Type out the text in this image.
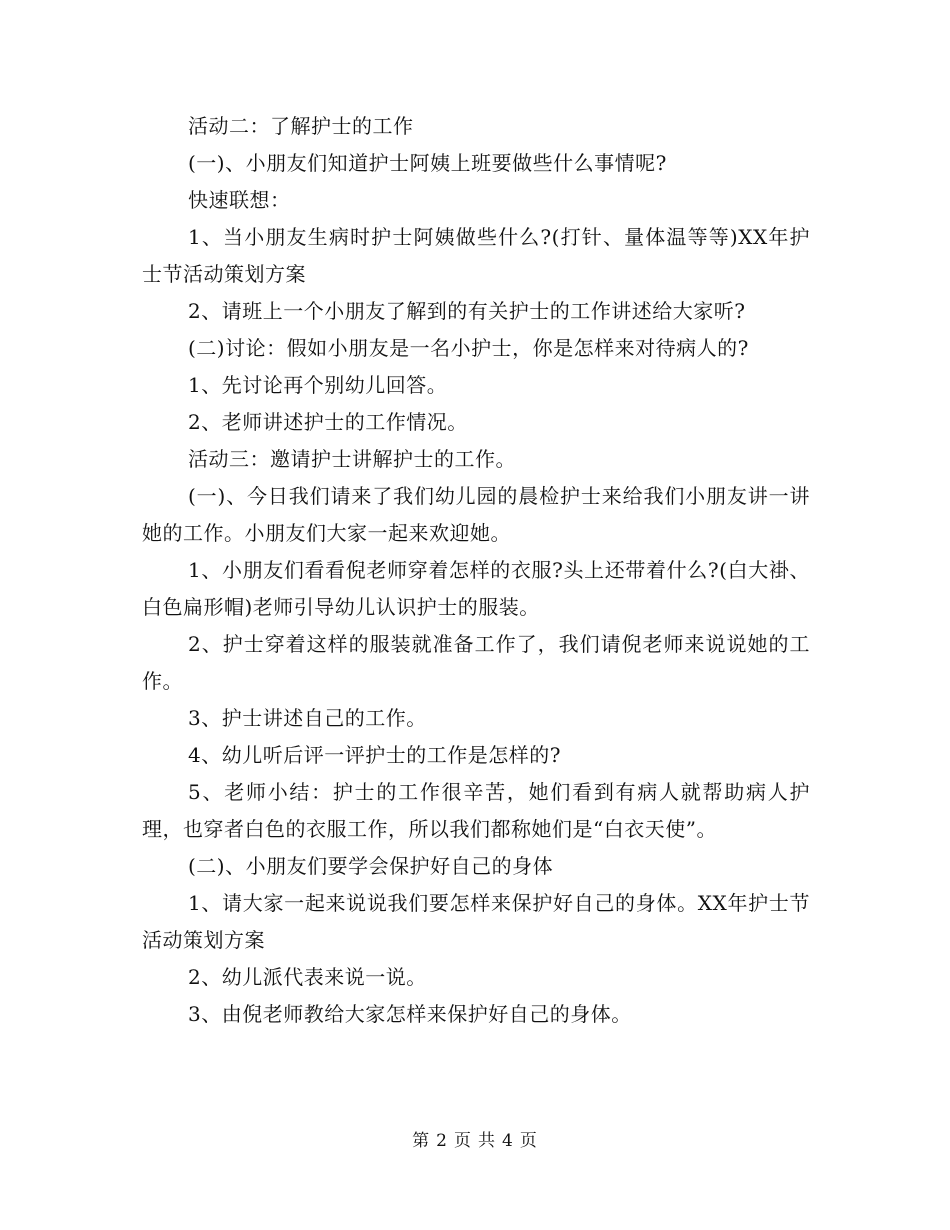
活动二：了解护士的工作

(一)、小朋友们知道护士阿姨上班要做些什么事情呢?

快速联想：

1、当小朋友生病时护士阿姨做些什么?(打针、量体温等等)XX年护士节活动策划方案

2、请班上一个小朋友了解到的有关护士的工作讲述给大家听?

(二)讨论：假如小朋友是一名小护士，你是怎样来对待病人的?

1、先讨论再个别幼儿回答。

2、老师讲述护士的工作情况。

活动三：邀请护士讲解护士的工作。

(一)、今日我们请来了我们幼儿园的晨检护士来给我们小朋友讲一讲她的工作。小朋友们大家一起来欢迎她。

1、小朋友们看看倪老师穿着怎样的衣服?头上还带着什么?(白大褂、白色扁形帽)老师引导幼儿认识护士的服装。

2、护士穿着这样的服装就准备工作了，我们请倪老师来说说她的工作。

3、护士讲述自己的工作。

4、幼儿听后评一评护士的工作是怎样的?

5、老师小结：护士的工作很辛苦，她们看到有病人就帮助病人护理，也穿者白色的衣服工作，所以我们都称她们是“白衣天使”。

(二)、小朋友们要学会保护好自己的身体

1、请大家一起来说说我们要怎样来保护好自己的身体。XX年护士节活动策划方案

2、幼儿派代表来说一说。

3、由倪老师教给大家怎样来保护好自己的身体。

第 2 页 共 4 页
